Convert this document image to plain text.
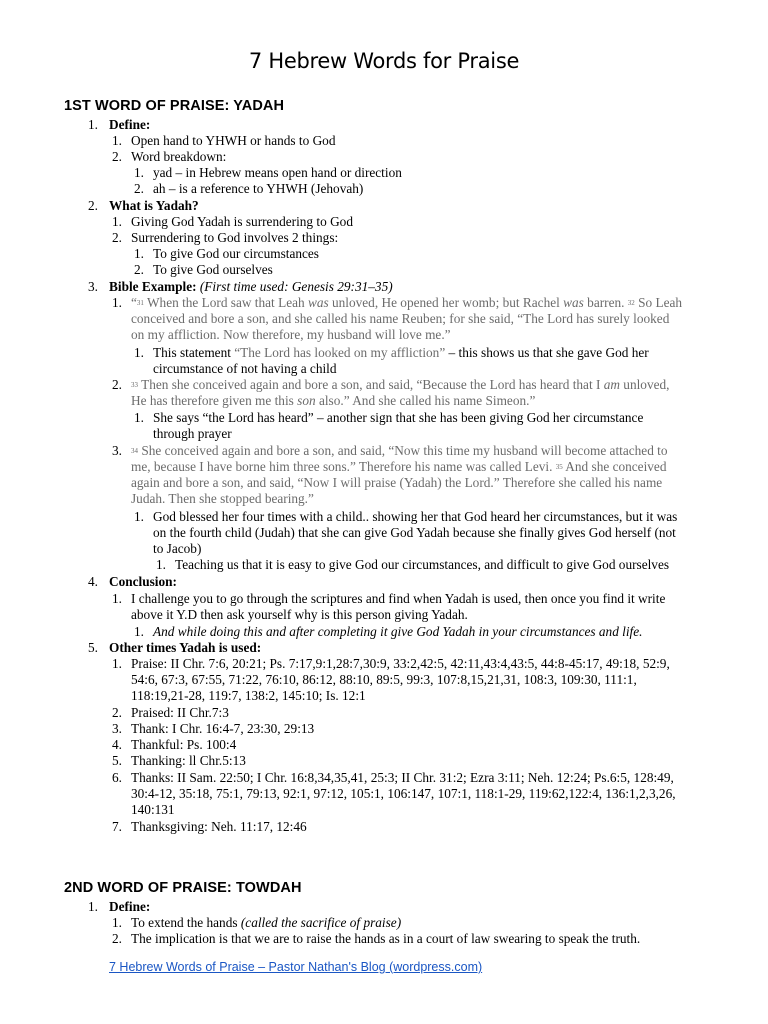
7 Hebrew Words for Praise
1ST WORD OF PRAISE: YADAH
1. Define:
1. Open hand to YHWH or hands to God
2. Word breakdown:
1. yad – in Hebrew means open hand or direction
2. ah – is a reference to YHWH (Jehovah)
2. What is Yadah?
1. Giving God Yadah is surrendering to God
2. Surrendering to God involves 2 things:
1. To give God our circumstances
2. To give God ourselves
3. Bible Example: (First time used: Genesis 29:31–35)
1. “$^{31}$ When the Lord saw that Leah was unloved, He opened her womb; but Rachel was barren. $^{32}$ So Leah
conceived and bore a son, and she called his name Reuben; for she said, “The Lord has surely looked
on my affliction. Now therefore, my husband will love me.”
1. This statement “The Lord has looked on my affliction” – this shows us that she gave God her
circumstance of not having a child
2. $^{33}$ Then she conceived again and bore a son, and said, “Because the Lord has heard that I am unloved,
He has therefore given me this son also.” And she called his name Simeon.”
1. She says “the Lord has heard” – another sign that she has been giving God her circumstance
through prayer
3. $^{34}$ She conceived again and bore a son, and said, “Now this time my husband will become attached to
me, because I have borne him three sons.” Therefore his name was called Levi. $^{35}$ And she conceived
again and bore a son, and said, “Now I will praise (Yadah) the Lord.” Therefore she called his name
Judah. Then she stopped bearing.”
1. God blessed her four times with a child.. showing her that God heard her circumstances, but it was
on the fourth child (Judah) that she can give God Yadah because she finally gives God herself (not
to Jacob)
1. Teaching us that it is easy to give God our circumstances, and difficult to give God ourselves
4. Conclusion:
1. I challenge you to go through the scriptures and find when Yadah is used, then once you find it write
above it Y.D then ask yourself why is this person giving Yadah.
1. And while doing this and after completing it give God Yadah in your circumstances and life.
5. Other times Yadah is used:
1. Praise: II Chr. 7:6, 20:21; Ps. 7:17,9:1,28:7,30:9, 33:2,42:5, 42:11,43:4,43:5, 44:8-45:17, 49:18, 52:9,
54:6, 67:3, 67:55, 71:22, 76:10, 86:12, 88:10, 89:5, 99:3, 107:8,15,21,31, 108:3, 109:30, 111:1,
118:19,21-28, 119:7, 138:2, 145:10; Is. 12:1
2. Praised: II Chr.7:3
3. Thank: I Chr. 16:4-7, 23:30, 29:13
4. Thankful: Ps. 100:4
5. Thanking: ll Chr.5:13
6. Thanks: II Sam. 22:50; I Chr. 16:8,34,35,41, 25:3; II Chr. 31:2; Ezra 3:11; Neh. 12:24; Ps.6:5, 128:49,
30:4-12, 35:18, 75:1, 79:13, 92:1, 97:12, 105:1, 106:147, 107:1, 118:1-29, 119:62,122:4, 136:1,2,3,26,
140:131
7. Thanksgiving: Neh. 11:17, 12:46
2ND WORD OF PRAISE: TOWDAH
1. Define:
1. To extend the hands (called the sacrifice of praise)
2. The implication is that we are to raise the hands as in a court of law swearing to speak the truth.
7 Hebrew Words of Praise – Pastor Nathan's Blog (wordpress.com)
